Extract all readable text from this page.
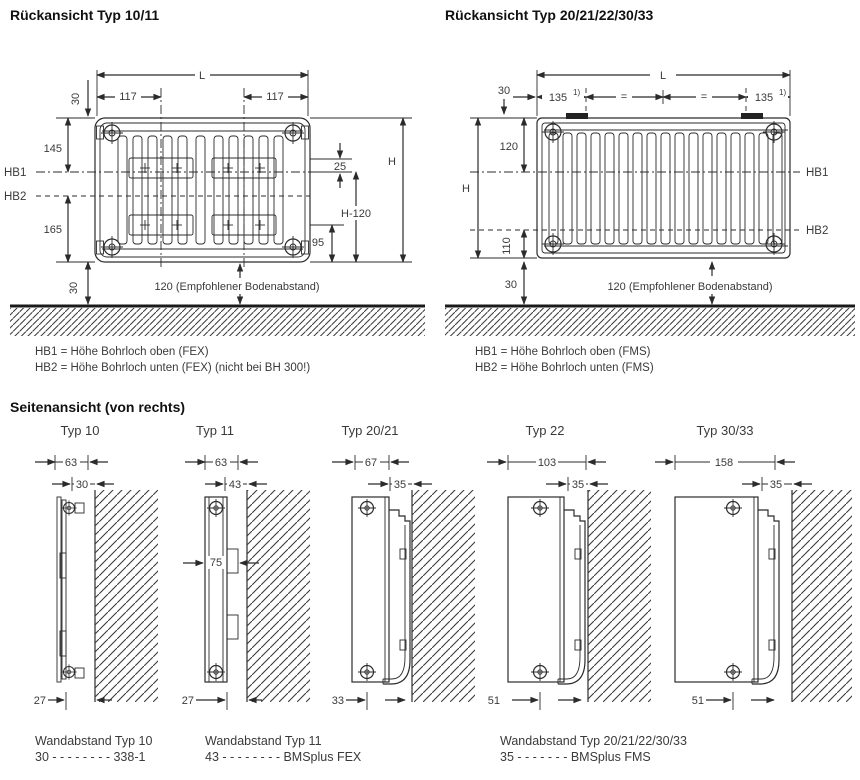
Rückansicht Typ 10/11	Rückansicht Typ 20/21/22/30/33
L
117	117
30
145
HB1
HB2
165
30
25
H-120
95
H
120 (Empfohlener Bodenabstand)
HB1 = Höhe Bohrloch oben (FEX)
HB2 = Höhe Bohrloch unten (FEX) (nicht bei BH 300!)
L
135 1)	=	=	135 1)
30
HB1
HB2
120
H
110
30	120 (Empfohlener Bodenabstand)
HB1 = Höhe Bohrloch oben (FMS)
HB2 = Höhe Bohrloch unten (FMS)
Seitenansicht (von rechts)
Typ 10
63
30
27
Typ 11
63
43
75
27
Typ 20/21
67
35
33
Typ 22
103
35
51
Typ 30/33
158
35
51
Wandabstand Typ 10
30 - - - - - - - - 338-1
Wandabstand Typ 11
43 - - - - - - - - BMSplus FEX
Wandabstand Typ 20/21/22/30/33
35 - - - - - - - BMSplus FMS
